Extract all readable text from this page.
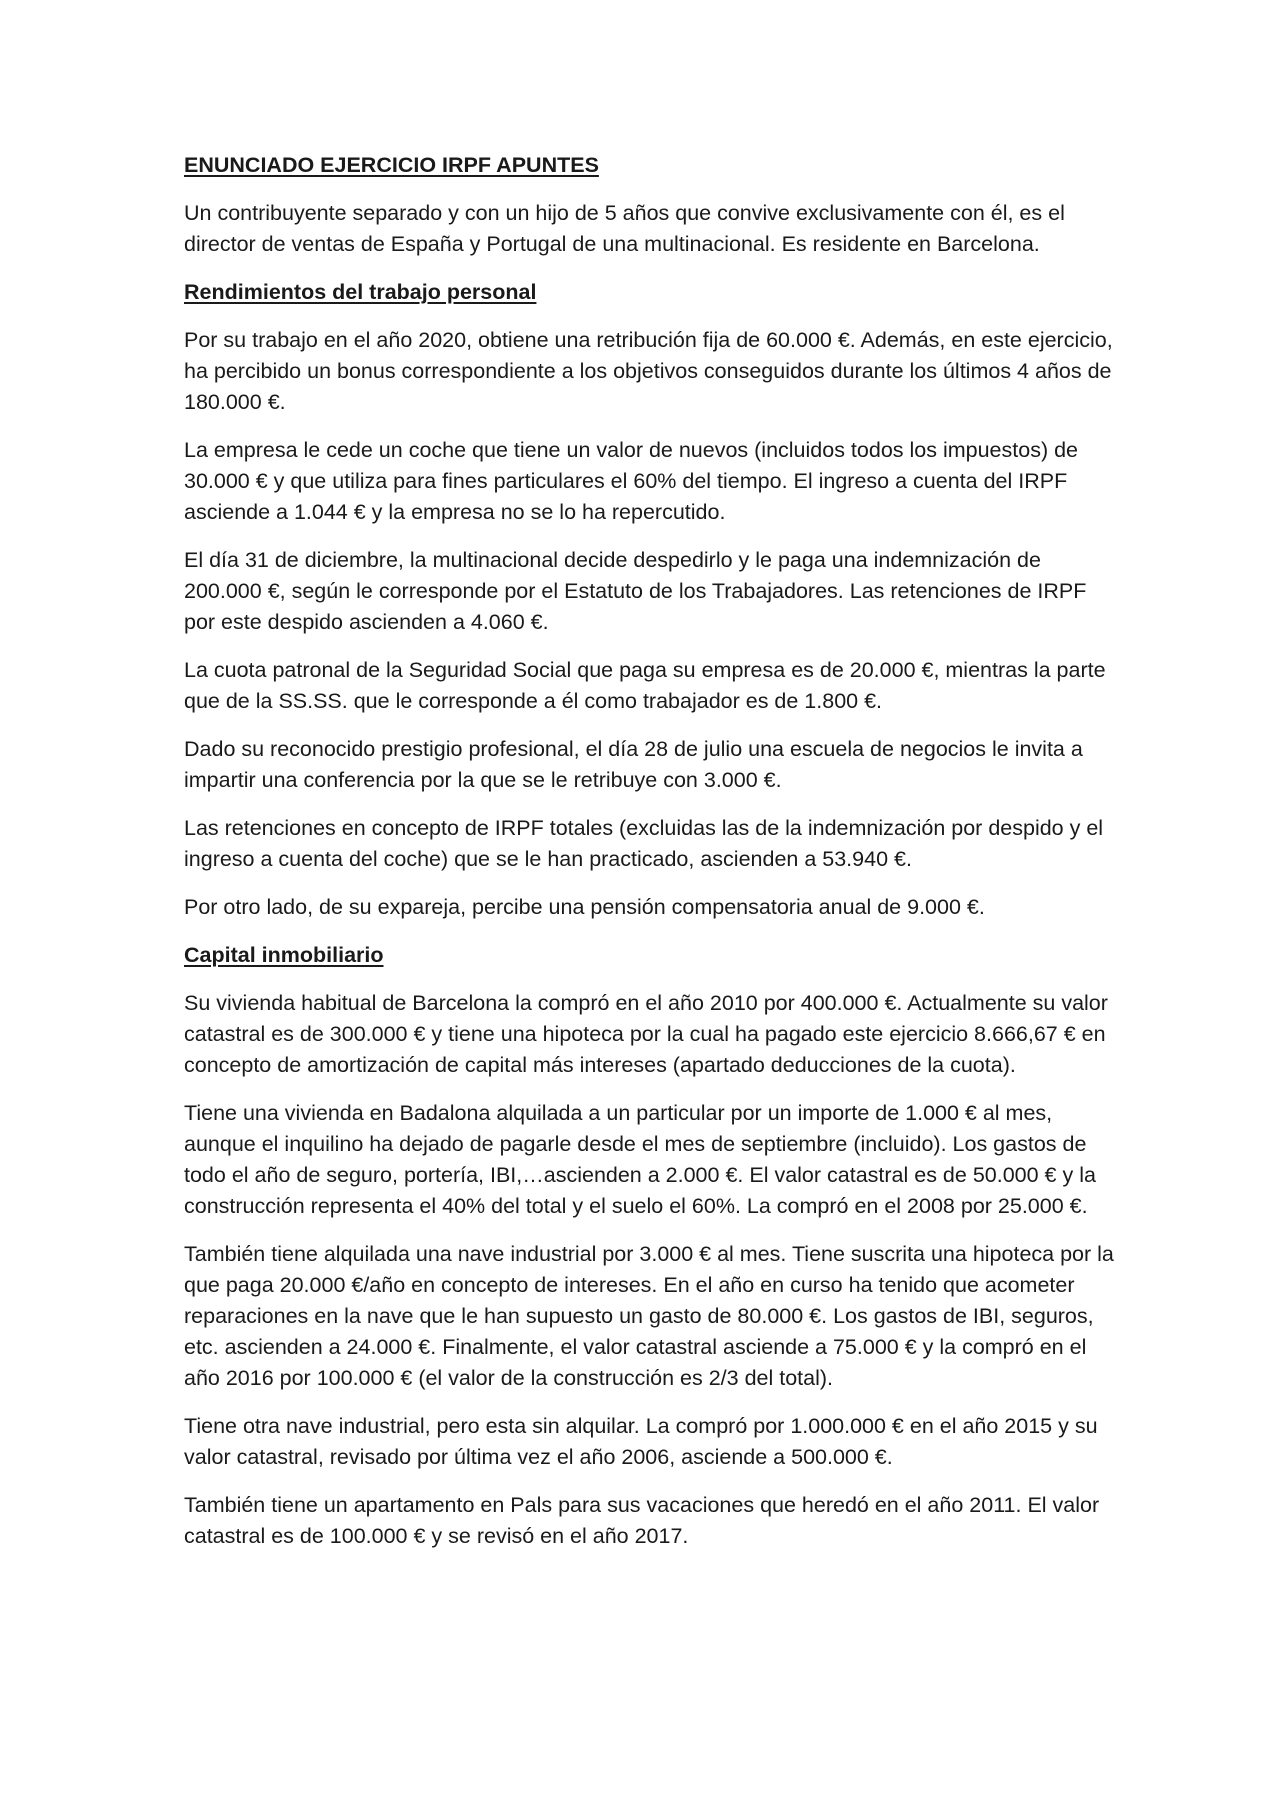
ENUNCIADO EJERCICIO IRPF APUNTES

Un contribuyente separado y con un hijo de 5 años que convive exclusivamente con él, es el director de ventas de España y Portugal de una multinacional. Es residente en Barcelona.

Rendimientos del trabajo personal

Por su trabajo en el año 2020, obtiene una retribución fija de 60.000 €. Además, en este ejercicio, ha percibido un bonus correspondiente a los objetivos conseguidos durante los últimos 4 años de 180.000 €.

La empresa le cede un coche que tiene un valor de nuevos (incluidos todos los impuestos) de 30.000 € y que utiliza para fines particulares el 60% del tiempo. El ingreso a cuenta del IRPF asciende a 1.044 € y la empresa no se lo ha repercutido.

El día 31 de diciembre, la multinacional decide despedirlo y le paga una indemnización de 200.000 €, según le corresponde por el Estatuto de los Trabajadores. Las retenciones de IRPF por este despido ascienden a 4.060 €.

La cuota patronal de la Seguridad Social que paga su empresa es de 20.000 €, mientras la parte que de la SS.SS. que le corresponde a él como trabajador es de 1.800 €.

Dado su reconocido prestigio profesional, el día 28 de julio una escuela de negocios le invita a impartir una conferencia por la que se le retribuye con 3.000 €.

Las retenciones en concepto de IRPF totales (excluidas las de la indemnización por despido y el ingreso a cuenta del coche) que se le han practicado, ascienden a 53.940 €.

Por otro lado, de su expareja, percibe una pensión compensatoria anual de 9.000 €.

Capital inmobiliario

Su vivienda habitual de Barcelona la compró en el año 2010 por 400.000 €. Actualmente su valor catastral es de 300.000 € y tiene una hipoteca por la cual ha pagado este ejercicio 8.666,67 € en concepto de amortización de capital más intereses (apartado deducciones de la cuota).

Tiene una vivienda en Badalona alquilada a un particular por un importe de 1.000 € al mes, aunque el inquilino ha dejado de pagarle desde el mes de septiembre (incluido). Los gastos de todo el año de seguro, portería, IBI,…ascienden a 2.000 €. El valor catastral es de 50.000 € y la construcción representa el 40% del total y el suelo el 60%. La compró en el 2008 por 25.000 €.

También tiene alquilada una nave industrial por 3.000 € al mes. Tiene suscrita una hipoteca por la que paga 20.000 €/año en concepto de intereses. En el año en curso ha tenido que acometer reparaciones en la nave que le han supuesto un gasto de 80.000 €. Los gastos de IBI, seguros, etc. ascienden a 24.000 €. Finalmente, el valor catastral asciende a 75.000 € y la compró en el año 2016 por 100.000 € (el valor de la construcción es 2/3 del total).

Tiene otra nave industrial, pero esta sin alquilar. La compró por 1.000.000 € en el año 2015 y su valor catastral, revisado por última vez el año 2006, asciende a 500.000 €.

También tiene un apartamento en Pals para sus vacaciones que heredó en el año 2011. El valor catastral es de 100.000 € y se revisó en el año 2017.
